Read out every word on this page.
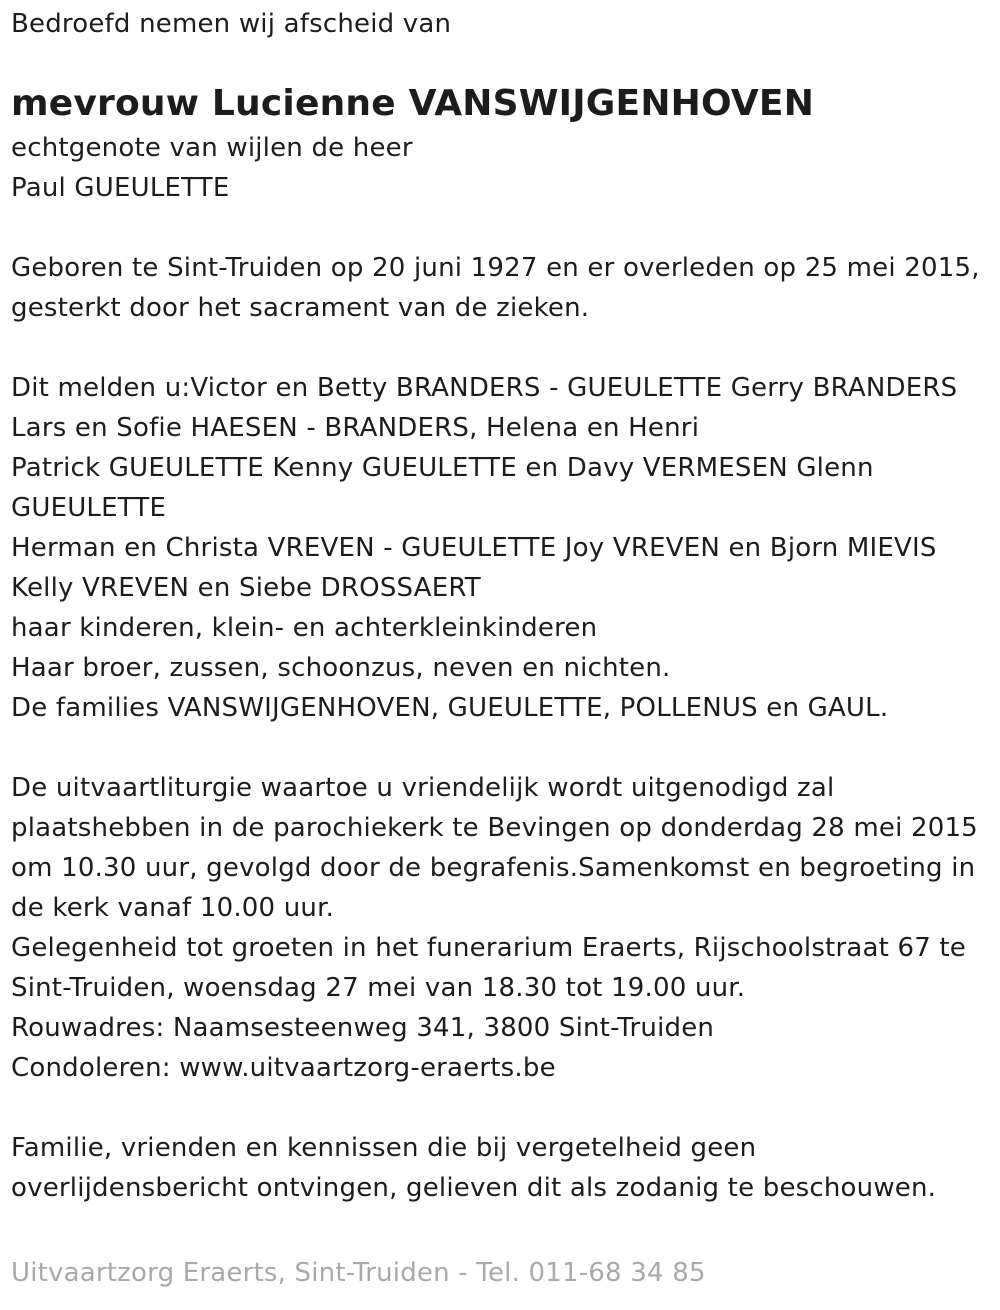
Bedroefd nemen wij afscheid van
mevrouw Lucienne VANSWIJGENHOVEN
echtgenote van wijlen de heer
Paul GUEULETTE
Geboren te Sint-Truiden op 20 juni 1927 en er overleden op 25 mei 2015,
gesterkt door het sacrament van de zieken.
Dit melden u:Victor en Betty BRANDERS - GUEULETTE Gerry BRANDERS
Lars en Sofie HAESEN - BRANDERS, Helena en Henri
Patrick GUEULETTE Kenny GUEULETTE en Davy VERMESEN Glenn
GUEULETTE
Herman en Christa VREVEN - GUEULETTE Joy VREVEN en Bjorn MIEVIS
Kelly VREVEN en Siebe DROSSAERT
haar kinderen, klein- en achterkleinkinderen
Haar broer, zussen, schoonzus, neven en nichten.
De families VANSWIJGENHOVEN, GUEULETTE, POLLENUS en GAUL.
De uitvaartliturgie waartoe u vriendelijk wordt uitgenodigd zal
plaatshebben in de parochiekerk te Bevingen op donderdag 28 mei 2015
om 10.30 uur, gevolgd door de begrafenis.Samenkomst en begroeting in
de kerk vanaf 10.00 uur.
Gelegenheid tot groeten in het funerarium Eraerts, Rijschoolstraat 67 te
Sint-Truiden, woensdag 27 mei van 18.30 tot 19.00 uur.
Rouwadres: Naamsesteenweg 341, 3800 Sint-Truiden
Condoleren: www.uitvaartzorg-eraerts.be
Familie, vrienden en kennissen die bij vergetelheid geen
overlijdensbericht ontvingen, gelieven dit als zodanig te beschouwen.
Uitvaartzorg Eraerts, Sint-Truiden - Tel. 011-68 34 85
